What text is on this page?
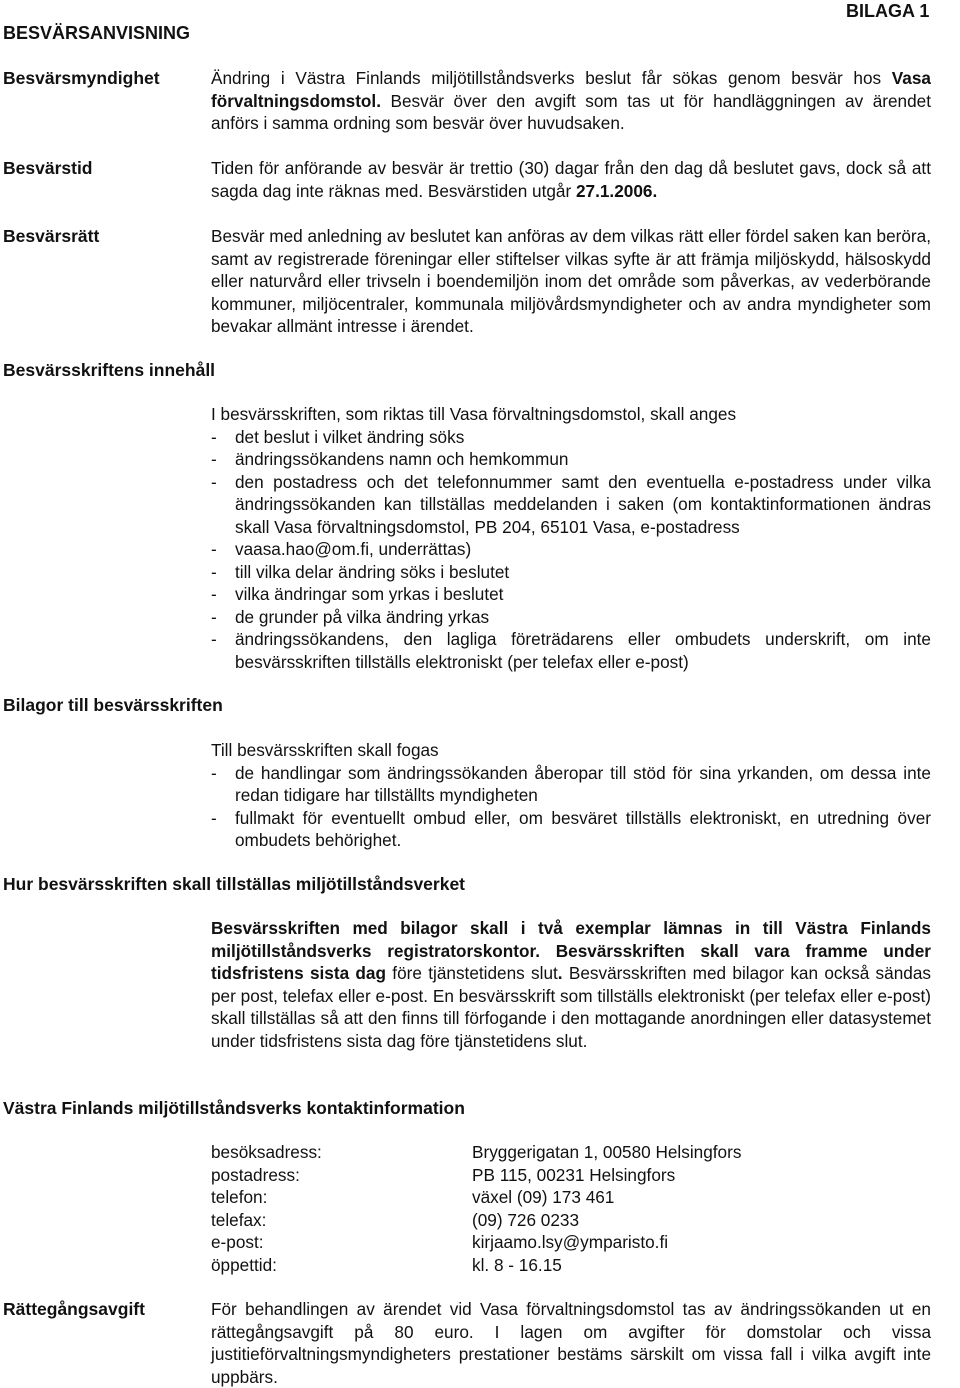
BESVÄRSANVISNING
BILAGA 1
Besvärsmyndighet	Ändring i Västra Finlands miljötillståndsverks beslut får sökas genom besvär hos Vasa förvaltningsdomstol. Besvär över den avgift som tas ut för handläggningen av ärendet anförs i samma ordning som besvär över huvudsaken.
Besvärstid	Tiden för anförande av besvär är trettio (30) dagar från den dag då beslutet gavs, dock så att sagda dag inte räknas med. Besvärstiden utgår 27.1.2006.
Besvärsrätt	Besvär med anledning av beslutet kan anföras av dem vilkas rätt eller fördel saken kan beröra, samt av registrerade föreningar eller stiftelser vilkas syfte är att främja miljöskydd, hälsoskydd eller naturvård eller trivseln i boendemiljön inom det område som påverkas, av vederbörande kommuner, miljöcentraler, kommunala miljövårdsmyndigheter och av andra myndigheter som bevakar allmänt intresse i ärendet.
Besvärsskriftens innehåll
I besvärsskriften, som riktas till Vasa förvaltningsdomstol, skall anges
- det beslut i vilket ändring söks
- ändringssökandens namn och hemkommun
- den postadress och det telefonnummer samt den eventuella e-postadress under vilka ändringssökanden kan tillställas meddelanden i saken (om kontaktinformationen ändras skall Vasa förvaltningsdomstol, PB 204, 65101 Vasa, e-postadress
- vaasa.hao@om.fi, underrättas)
- till vilka delar ändring söks i beslutet
- vilka ändringar som yrkas i beslutet
- de grunder på vilka ändring yrkas
- ändringssökandens, den lagliga företrädarens eller ombudets underskrift, om inte besvärsskriften tillställs elektroniskt (per telefax eller e-post)
Bilagor till besvärsskriften
Till besvärsskriften skall fogas
- de handlingar som ändringssökanden åberopar till stöd för sina yrkanden, om dessa inte redan tidigare har tillställts myndigheten
- fullmakt för eventuellt ombud eller, om besväret tillställs elektroniskt, en utredning över ombudets behörighet.
Hur besvärsskriften skall tillställas miljötillståndsverket
Besvärsskriften med bilagor skall i två exemplar lämnas in till Västra Finlands miljötillståndsverks registratorskontor. Besvärsskriften skall vara framme under tidsfristens sista dag före tjänstetidens slut. Besvärsskriften med bilagor kan också sändas per post, telefax eller e-post. En besvärsskrift som tillställs elektroniskt (per telefax eller e-post) skall tillställas så att den finns till förfogande i den mottagande anordningen eller datasystemet under tidsfristens sista dag före tjänstetidens slut.
Västra Finlands miljötillståndsverks kontaktinformation
besöksadress:	Bryggerigatan 1, 00580 Helsingfors
postadress:	PB 115, 00231 Helsingfors
telefon:	växel (09) 173 461
telefax:	(09) 726 0233
e-post:	kirjaamo.lsy@ymparisto.fi
öppettid:	kl. 8 - 16.15
Rättegångsavgift	För behandlingen av ärendet vid Vasa förvaltningsdomstol tas av ändringssökanden ut en rättegångsavgift på 80 euro. I lagen om avgifter för domstolar och vissa justitieförvaltningsmyndigheters prestationer bestäms särskilt om vissa fall i vilka avgift inte uppbärs.
